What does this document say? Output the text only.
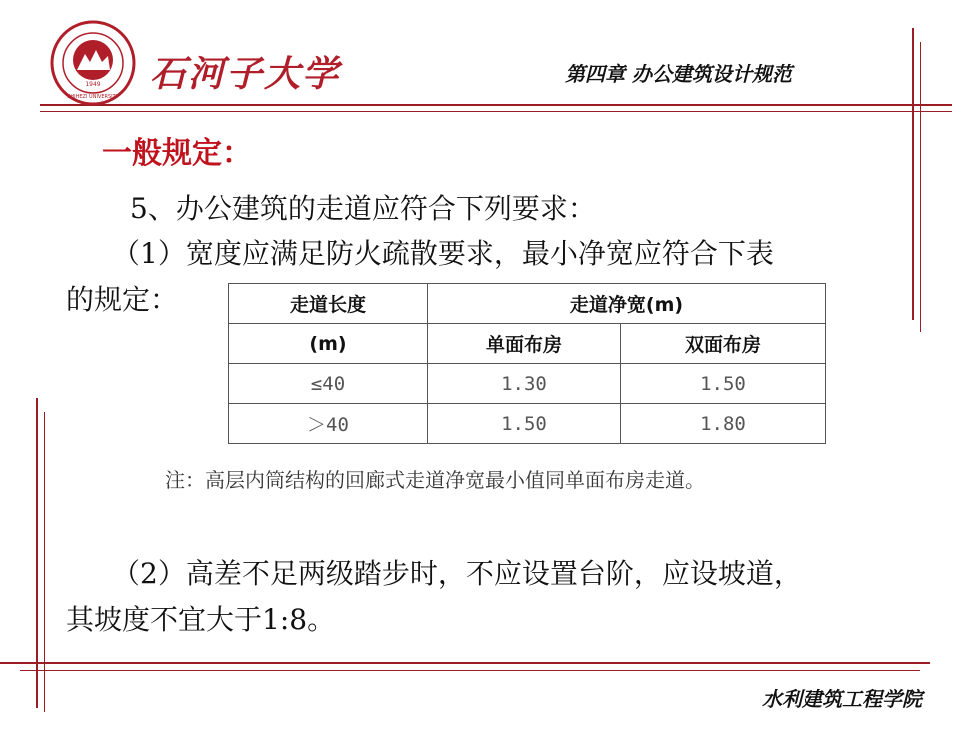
1949
SHIHEZI UNIVERSITY
石河子大学	第四章 办公建筑设计规范
一般规定：
5、办公建筑的走道应符合下列要求：
（1）宽度应满足防火疏散要求，最小净宽应符合下表
的规定：	走道长度	走道净宽(m)	
(m)	单面布房	双面布房
≤40	1.30	1.50
＞40	1.50	1.80
注：高层内筒结构的回廊式走道净宽最小值同单面布房走道。
（2）高差不足两级踏步时，不应设置台阶，应设坡道，
其坡度不宜大于1:8。
水利建筑工程学院
